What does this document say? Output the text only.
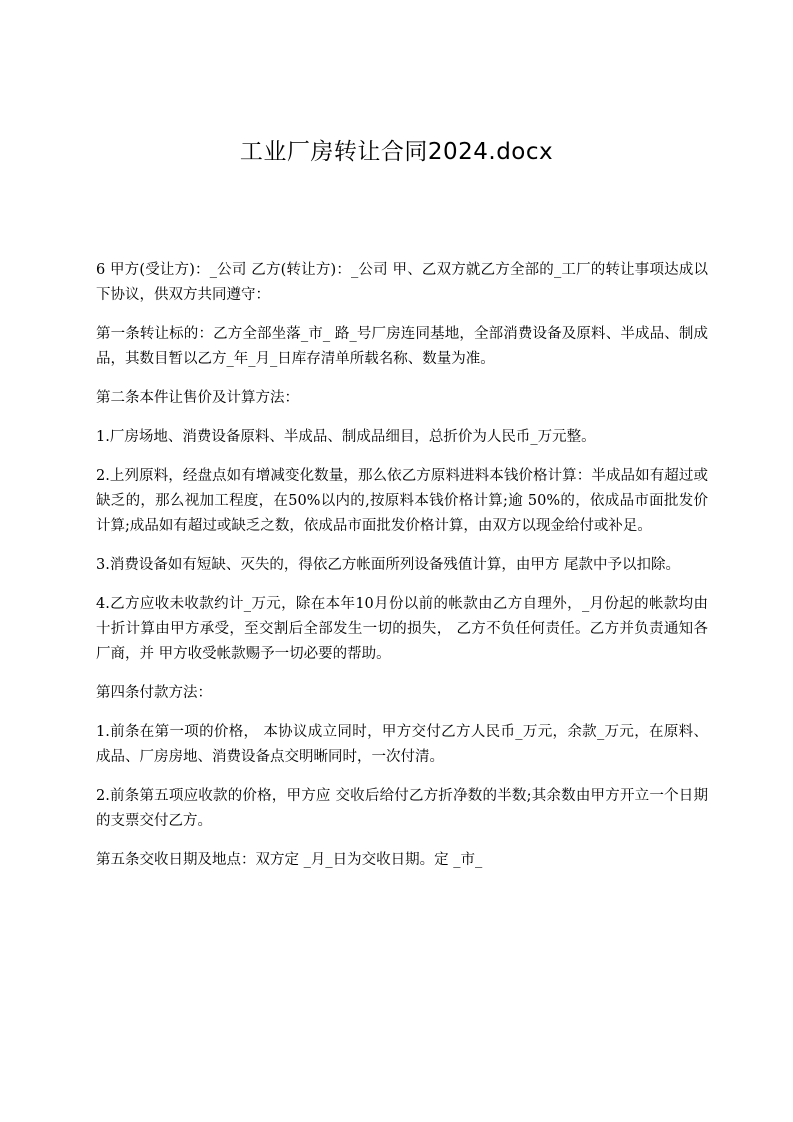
工业厂房转让合同2024.docx

6 甲方(受让方)：_公司 乙方(转让方)：_公司 甲、乙双方就乙方全部的_工厂的转让事项达成以下协议，供双方共同遵守：

第一条转让标的：乙方全部坐落_市_ 路_号厂房连同基地，全部消费设备及原料、半成品、制成品，其数目暂以乙方_年_月_日库存清单所载名称、数量为准。

第二条本件让售价及计算方法：

1.厂房场地、消费设备原料、半成品、制成品细目，总折价为人民币_万元整。

2.上列原料，经盘点如有增减变化数量，那么依乙方原料进料本钱价格计算：半成品如有超过或缺乏的，那么视加工程度，在50%以内的,按原料本钱价格计算;逾 50%的，依成品市面批发价计算;成品如有超过或缺乏之数，依成品市面批发价格计算，由双方以现金给付或补足。

3.消费设备如有短缺、灭失的，得依乙方帐面所列设备残值计算，由甲方 尾款中予以扣除。

4.乙方应收未收款约计_万元，除在本年10月份以前的帐款由乙方自理外，_月份起的帐款均由十折计算由甲方承受，至交割后全部发生一切的损失， 乙方不负任何责任。乙方并负责通知各厂商，并 甲方收受帐款赐予一切必要的帮助。

第四条付款方法：

1.前条在第一项的价格， 本协议成立同时，甲方交付乙方人民币_万元，余款_万元，在原料、成品、厂房房地、消费设备点交明晰同时，一次付清。

2.前条第五项应收款的价格，甲方应 交收后给付乙方折净数的半数;其余数由甲方开立一个日期的支票交付乙方。

第五条交收日期及地点：双方定 _月_日为交收日期。定 _市_
